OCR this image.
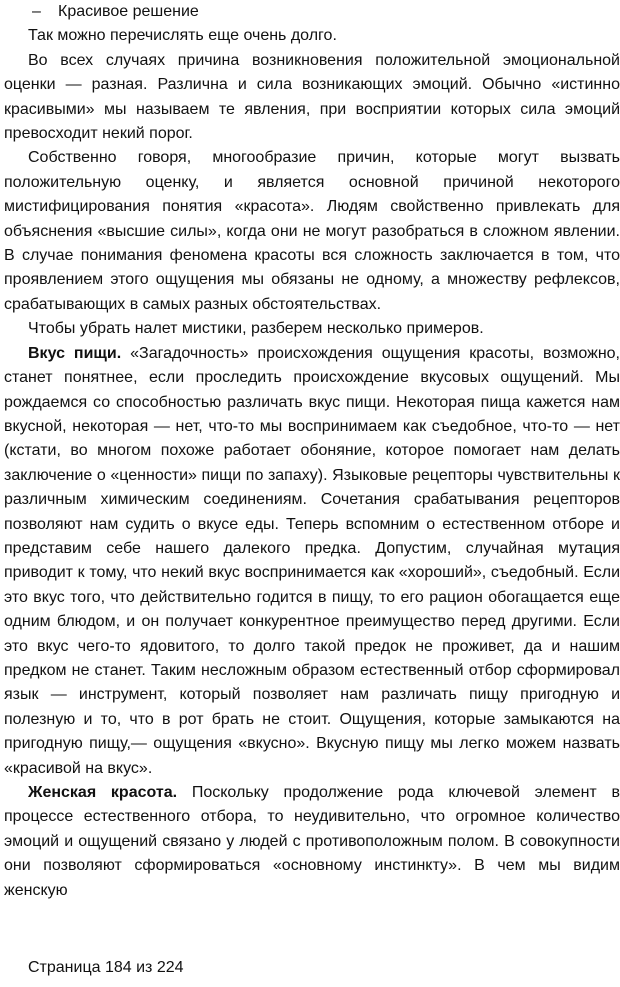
– Красивое решение

Так можно перечислять еще очень долго.

Во всех случаях причина возникновения положительной эмоциональной оценки — разная. Различна и сила возникающих эмоций. Обычно «истинно красивыми» мы называем те явления, при восприятии которых сила эмоций превосходит некий порог.

Собственно говоря, многообразие причин, которые могут вызвать положительную оценку, и является основной причиной некоторого мистифицирования понятия «красота». Людям свойственно привлекать для объяснения «высшие силы», когда они не могут разобраться в сложном явлении. В случае понимания феномена красоты вся сложность заключается в том, что проявлением этого ощущения мы обязаны не одному, а множеству рефлексов, срабатывающих в самых разных обстоятельствах.

Чтобы убрать налет мистики, разберем несколько примеров.

Вкус пищи. «Загадочность» происхождения ощущения красоты, возможно, станет понятнее, если проследить происхождение вкусовых ощущений. Мы рождаемся со способностью различать вкус пищи. Некоторая пища кажется нам вкусной, некоторая — нет, что-то мы воспринимаем как съедобное, что-то — нет (кстати, во многом похоже работает обоняние, которое помогает нам делать заключение о «ценности» пищи по запаху). Языковые рецепторы чувствительны к различным химическим соединениям. Сочетания срабатывания рецепторов позволяют нам судить о вкусе еды. Теперь вспомним о естественном отборе и представим себе нашего далекого предка. Допустим, случайная мутация приводит к тому, что некий вкус воспринимается как «хороший», съедобный. Если это вкус того, что действительно годится в пищу, то его рацион обогащается еще одним блюдом, и он получает конкурентное преимущество перед другими. Если это вкус чего-то ядовитого, то долго такой предок не проживет, да и нашим предком не станет. Таким несложным образом естественный отбор сформировал язык — инструмент, который позволяет нам различать пищу пригодную и полезную и то, что в рот брать не стоит. Ощущения, которые замыкаются на пригодную пищу,— ощущения «вкусно». Вкусную пищу мы легко можем назвать «красивой на вкус».

Женская красота. Поскольку продолжение рода ключевой элемент в процессе естественного отбора, то неудивительно, что огромное количество эмоций и ощущений связано у людей с противоположным полом. В совокупности они позволяют сформироваться «основному инстинкту». В чем мы видим женскую

Страница 184 из 224
